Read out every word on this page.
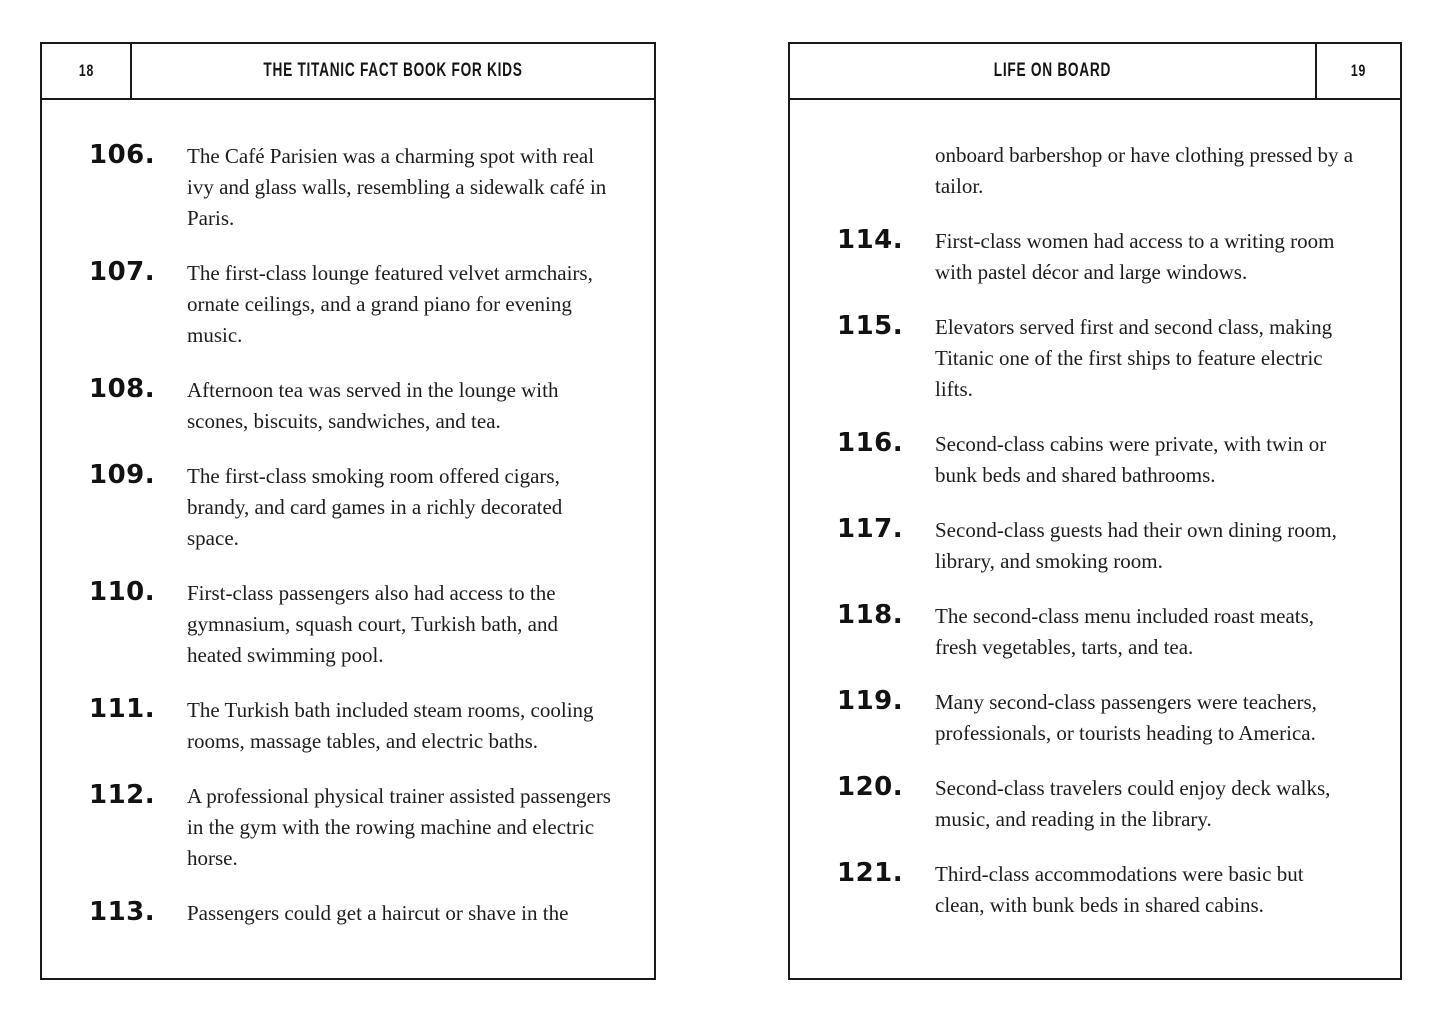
18	THE TITANIC FACT BOOK FOR KIDS
106.	The Café Parisien was a charming spot with real ivy and glass walls, resembling a sidewalk café in Paris.
107.	The first-class lounge featured velvet armchairs, ornate ceilings, and a grand piano for evening music.
108.	Afternoon tea was served in the lounge with scones, biscuits, sandwiches, and tea.
109.	The first-class smoking room offered cigars, brandy, and card games in a richly decorated space.
110.	First-class passengers also had access to the gymnasium, squash court, Turkish bath, and heated swimming pool.
111.	The Turkish bath included steam rooms, cooling rooms, massage tables, and electric baths.
112.	A professional physical trainer assisted passengers in the gym with the rowing machine and electric horse.
113.	Passengers could get a haircut or shave in the
LIFE ON BOARD	19

onboard barbershop or have clothing pressed by a tailor.

114.	First-class women had access to a writing room with pastel décor and large windows.
115.	Elevators served first and second class, making Titanic one of the first ships to feature electric lifts.
116.	Second-class cabins were private, with twin or bunk beds and shared bathrooms.
117.	Second-class guests had their own dining room, library, and smoking room.
118.	The second-class menu included roast meats, fresh vegetables, tarts, and tea.
119.	Many second-class passengers were teachers, professionals, or tourists heading to America.
120.	Second-class travelers could enjoy deck walks, music, and reading in the library.
121.	Third-class accommodations were basic but clean, with bunk beds in shared cabins.
